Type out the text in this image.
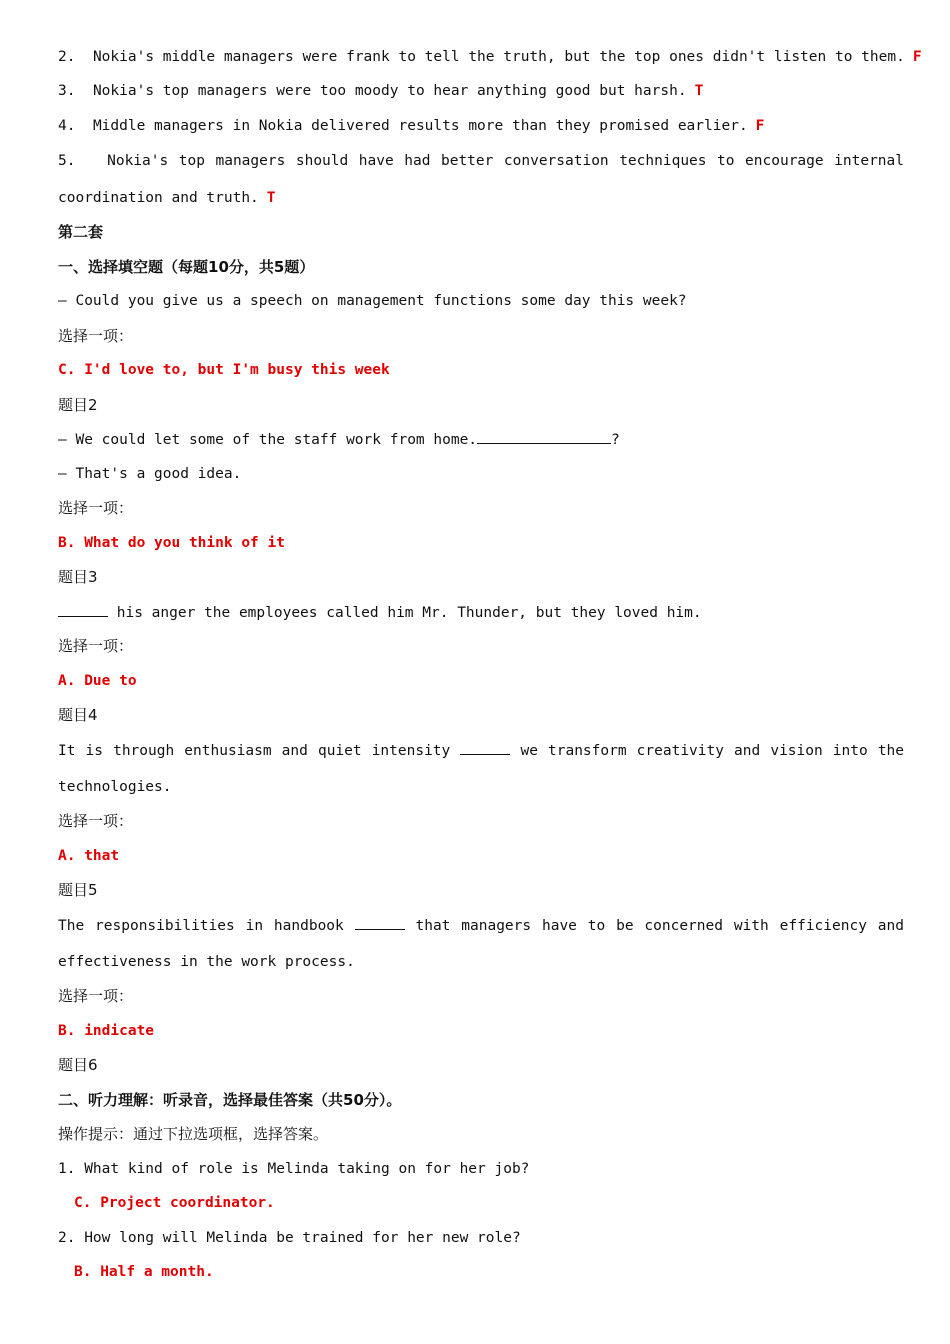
2. Nokia's middle managers were frank to tell the truth, but the top ones didn't listen to them. F
3. Nokia's top managers were too moody to hear anything good but harsh. T
4. Middle managers in Nokia delivered results more than they promised earlier. F
5. Nokia's top managers should have had better conversation techniques to encourage internal
coordination and truth. T
第二套
一、选择填空题（每题10分，共5题）
— Could you give us a speech on management functions some day this week?
选择一项：
C. I'd love to, but I'm busy this week
题目2
— We could let some of the staff work from home.	?
— That's a good idea.
选择一项：
B. What do you think of it
题目3
his anger the employees called him Mr. Thunder, but they loved him.
选择一项：
A. Due to
题目4
It is through enthusiasm and quiet intensity	we transform creativity and vision into the
technologies.
选择一项：
A. that
题目5
The responsibilities in handbook	that managers have to be concerned with efficiency and
effectiveness in the work process.
选择一项：
B. indicate
题目6
二、听力理解：听录音，选择最佳答案（共50分）。
操作提示：通过下拉选项框，选择答案。
1. What kind of role is Melinda taking on for her job?
C. Project coordinator.
2. How long will Melinda be trained for her new role?
B. Half a month.
